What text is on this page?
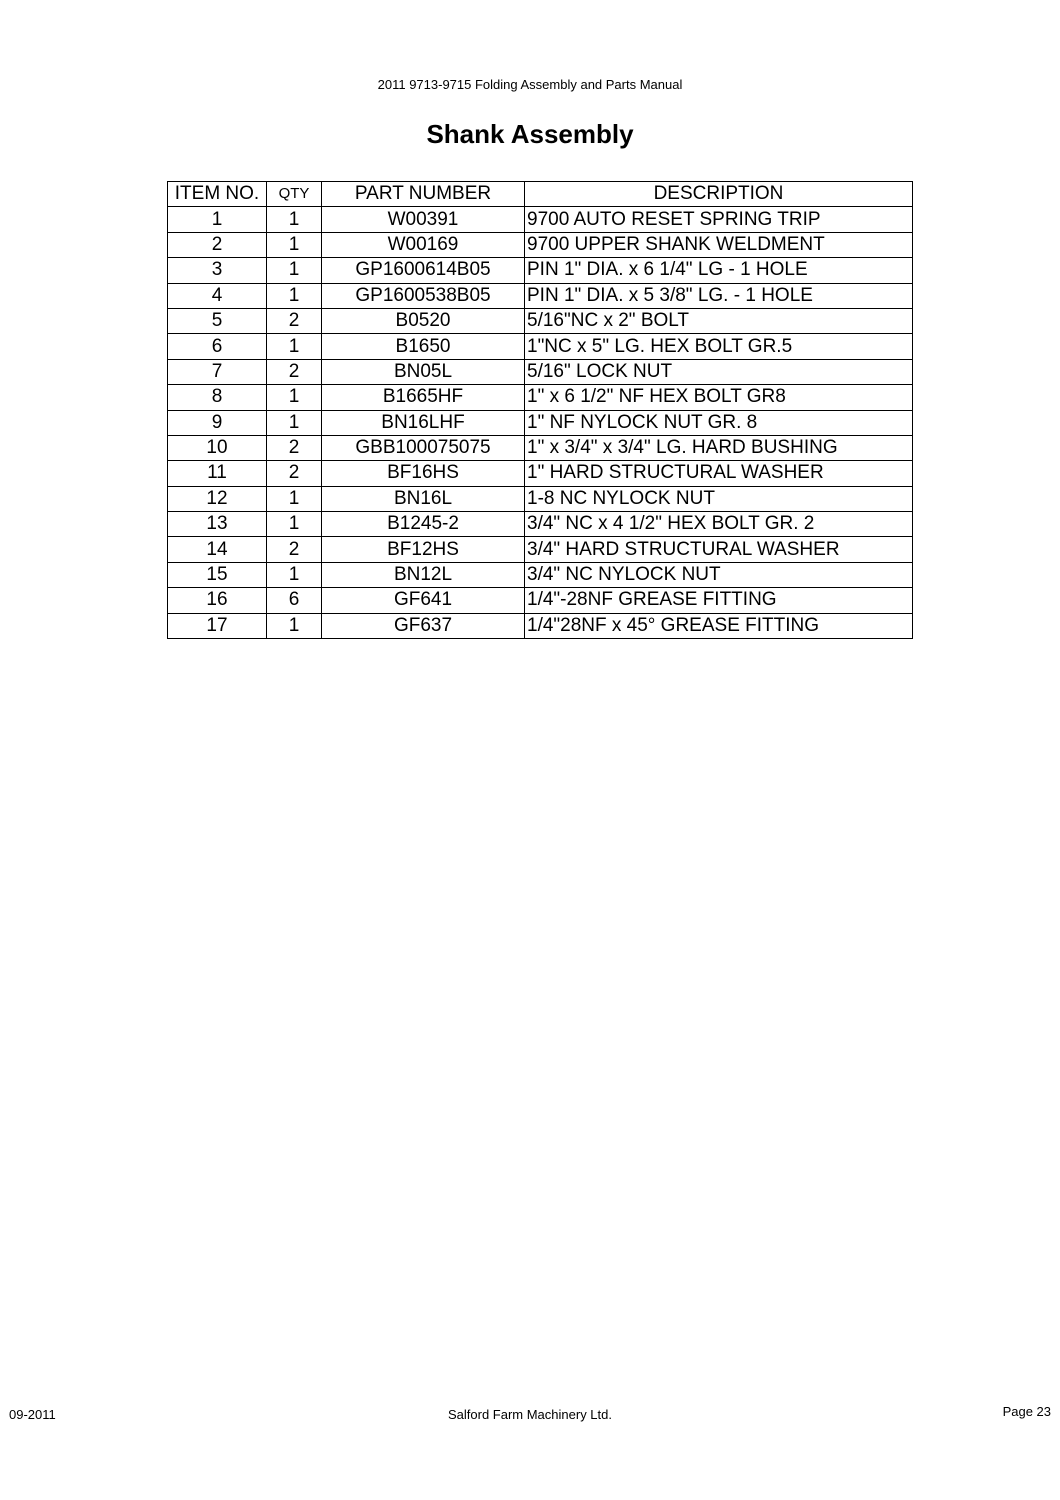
2011 9713-9715 Folding Assembly and Parts Manual
Shank Assembly
ITEM NO.	QTY	PART NUMBER	DESCRIPTION
1	1	W00391	9700 AUTO RESET SPRING TRIP
2	1	W00169	9700 UPPER SHANK WELDMENT
3	1	GP1600614B05	PIN 1" DIA. x 6 1/4" LG - 1 HOLE
4	1	GP1600538B05	PIN 1" DIA. x 5 3/8" LG. - 1 HOLE
5	2	B0520	5/16"NC x 2" BOLT
6	1	B1650	1"NC x 5" LG. HEX BOLT GR.5
7	2	BN05L	5/16" LOCK NUT
8	1	B1665HF	1" x 6 1/2" NF HEX BOLT GR8
9	1	BN16LHF	1" NF NYLOCK NUT GR. 8
10	2	GBB100075075	1" x 3/4" x 3/4" LG. HARD BUSHING
11	2	BF16HS	1" HARD STRUCTURAL WASHER
12	1	BN16L	1-8 NC NYLOCK NUT
13	1	B1245-2	3/4" NC x 4 1/2" HEX BOLT GR. 2
14	2	BF12HS	3/4" HARD STRUCTURAL WASHER
15	1	BN12L	3/4" NC NYLOCK NUT
16	6	GF641	1/4"-28NF GREASE FITTING
17	1	GF637	1/4"28NF x 45° GREASE FITTING
09-2011	Salford Farm Machinery Ltd.	Page 23
